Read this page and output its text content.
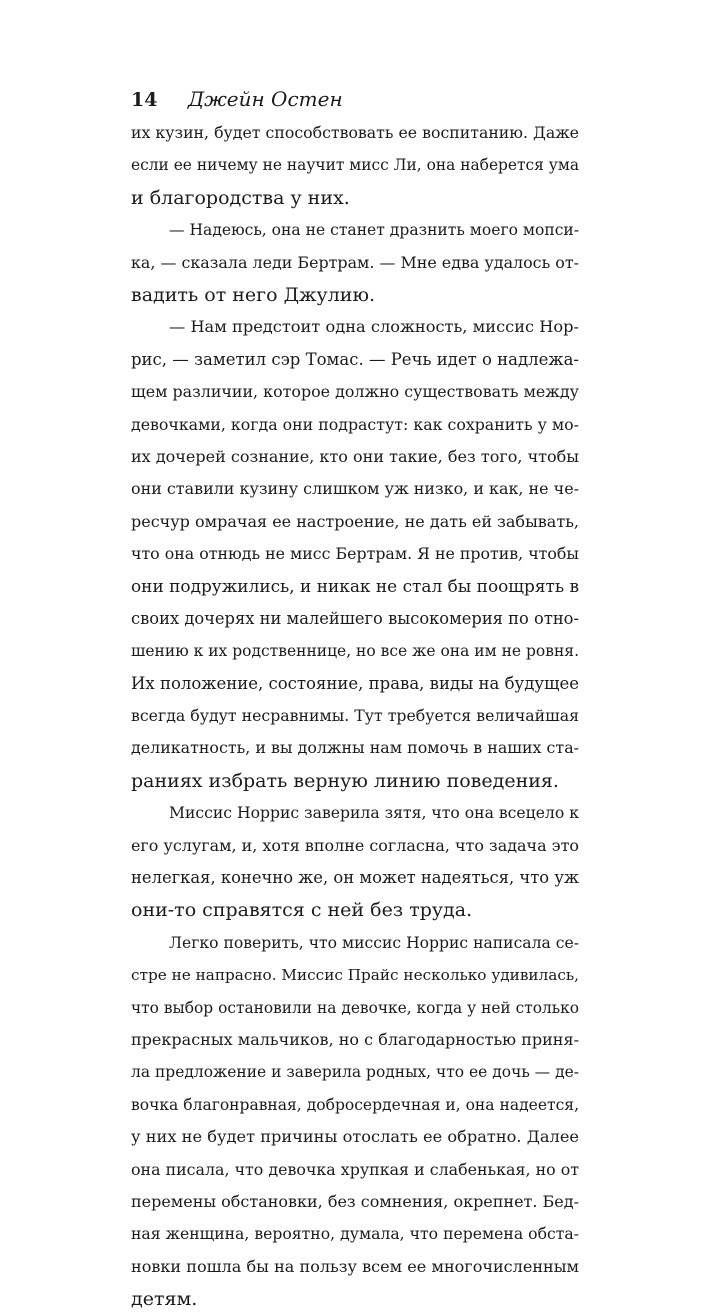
14 Джейн Остен
их кузин, будет способствовать ее воспитанию. Даже
если ее ничему не научит мисс Ли, она наберется ума
и благородства у них.
— Надеюсь, она не станет дразнить моего мопси-
ка, — сказала леди Бертрам. — Мне едва удалось от-
вадить от него Джулию.
— Нам предстоит одна сложность, миссис Нор-
рис, — заметил сэр Томас. — Речь идет о надлежа-
щем различии, которое должно существовать между
девочками, когда они подрастут: как сохранить у мо-
их дочерей сознание, кто они такие, без того, чтобы
они ставили кузину слишком уж низко, и как, не че-
ресчур омрачая ее настроение, не дать ей забывать,
что она отнюдь не мисс Бертрам. Я не против, чтобы
они подружились, и никак не стал бы поощрять в
своих дочерях ни малейшего высокомерия по отно-
шению к их родственнице, но все же она им не ровня.
Их положение, состояние, права, виды на будущее
всегда будут несравнимы. Тут требуется величайшая
деликатность, и вы должны нам помочь в наших ста-
раниях избрать верную линию поведения.
Миссис Норрис заверила зятя, что она всецело к
его услугам, и, хотя вполне согласна, что задача это
нелегкая, конечно же, он может надеяться, что уж
они-то справятся с ней без труда.
Легко поверить, что миссис Норрис написала се-
стре не напрасно. Миссис Прайс несколько удивилась,
что выбор остановили на девочке, когда у ней столько
прекрасных мальчиков, но с благодарностью приня-
ла предложение и заверила родных, что ее дочь — де-
вочка благонравная, добросердечная и, она надеется,
у них не будет причины отослать ее обратно. Далее
она писала, что девочка хрупкая и слабенькая, но от
перемены обстановки, без сомнения, окрепнет. Бед-
ная женщина, вероятно, думала, что перемена обста-
новки пошла бы на пользу всем ее многочисленным
детям.
